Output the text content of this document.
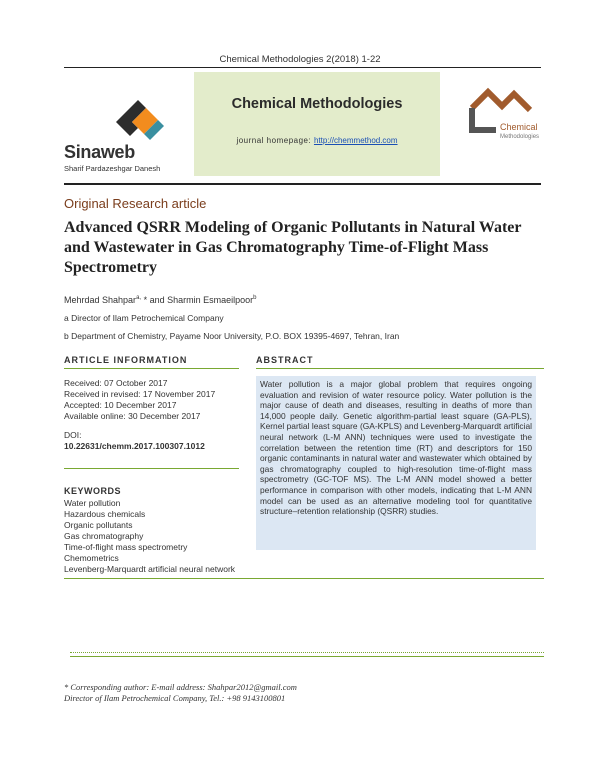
Chemical Methodologies 2(2018) 1-22
Sinaweb
Sharif Pardazeshgar Danesh
Chemical Methodologies
journal homepage: http://chemmethod.com
Chemical
Methodologies
Original Research article
Advanced QSRR Modeling of Organic Pollutants in Natural Water and Wastewater in Gas Chromatography Time-of-Flight Mass Spectrometry
Mehrdad Shahpar$^{a,}$ * and Sharmin Esmaeilpoor$^b$
a Director of Ilam Petrochemical Company
b Department of Chemistry, Payame Noor University, P.O. BOX 19395-4697, Tehran, Iran
ARTICLE INFORMATION	ABSTRACT
Received: 07 October 2017
Received in revised: 17 November 2017
Accepted: 10 December 2017
Available online: 30 December 2017
DOI:
10.22631/chemm.2017.100307.1012
KEYWORDS
Water pollution
Hazardous chemicals
Organic pollutants
Gas chromatography
Time-of-flight mass spectrometry
Chemometrics
Levenberg-Marquardt artificial neural network

Water pollution is a major global problem that requires ongoing evaluation and revision of water resource policy. Water pollution is the major cause of death and diseases, resulting in deaths of more than 14,000 people daily. Genetic algorithm-partial least square (GA-PLS), Kernel partial least square (GA-KPLS) and Levenberg-Marquardt artificial neural network (L-M ANN) techniques were used to investigate the correlation between the retention time (RT) and descriptors for 150 organic contaminants in natural water and wastewater which obtained by gas chromatography coupled to high-resolution time-of-flight mass spectrometry (GC-TOF MS). The L-M ANN model showed a better performance in comparison with other models, indicating that L-M ANN model can be used as an alternative modeling tool for quantitative structure–retention relationship (QSRR) studies.

* Corresponding author: E-mail address: Shahpar2012@gmail.com
Director of Ilam Petrochemical Company, Tel.: +98 9143100801
